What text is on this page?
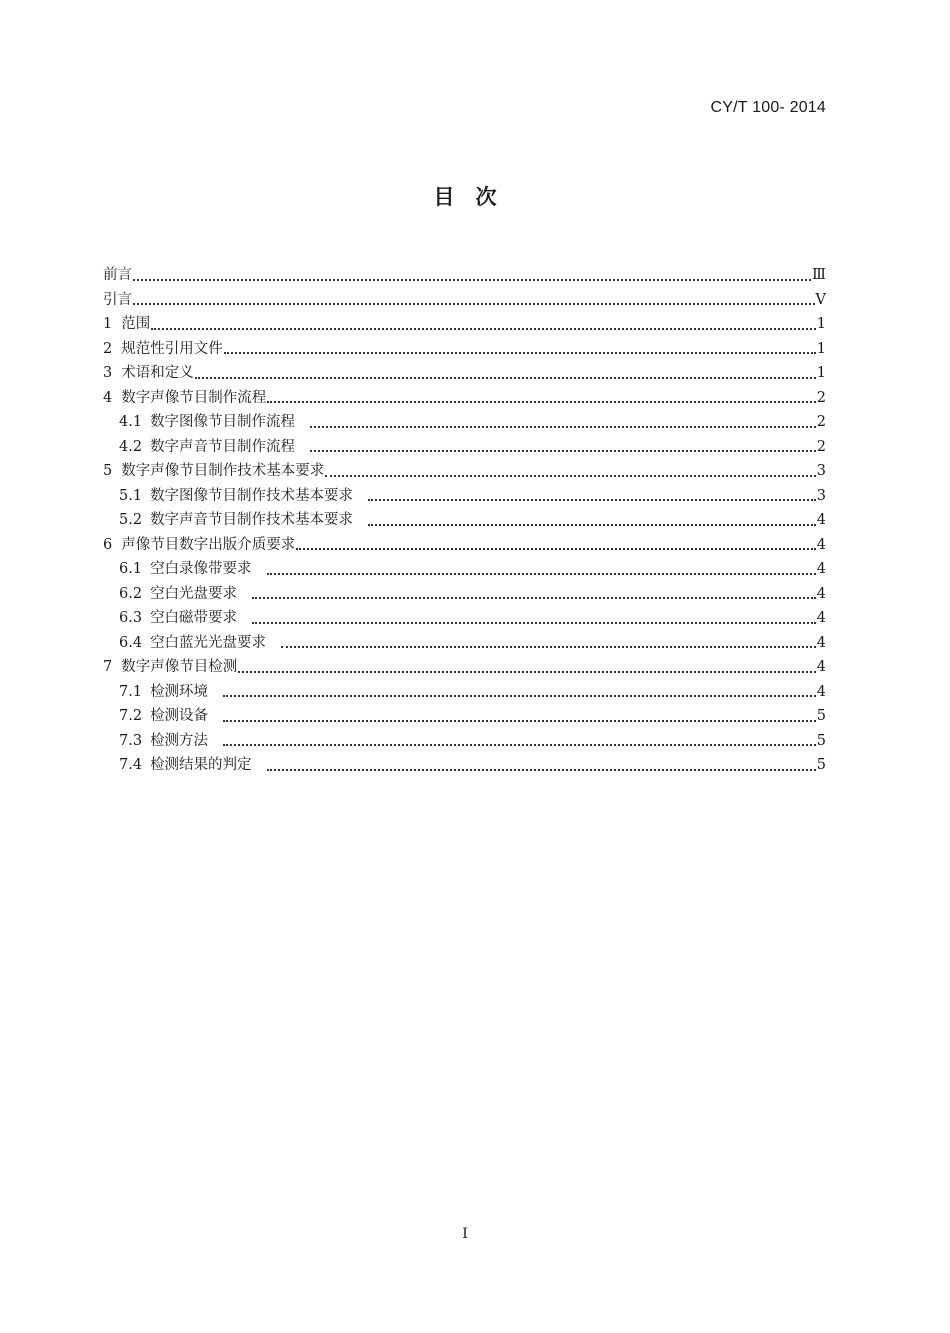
CY/T 100- 2014
目　次
前言	Ⅲ
引言	Ⅴ
1 范围	1
2 规范性引用文件	1
3 术语和定义	1
4 数字声像节目制作流程	2
4.1 数字图像节目制作流程	2
4.2 数字声音节目制作流程	2
5 数字声像节目制作技术基本要求	3
5.1 数字图像节目制作技术基本要求	3
5.2 数字声音节目制作技术基本要求	4
6 声像节目数字出版介质要求	4
6.1 空白录像带要求	4
6.2 空白光盘要求	4
6.3 空白磁带要求	4
6.4 空白蓝光光盘要求	4
7 数字声像节目检测	4
7.1 检测环境	4
7.2 检测设备	5
7.3 检测方法	5
7.4 检测结果的判定	5
I
